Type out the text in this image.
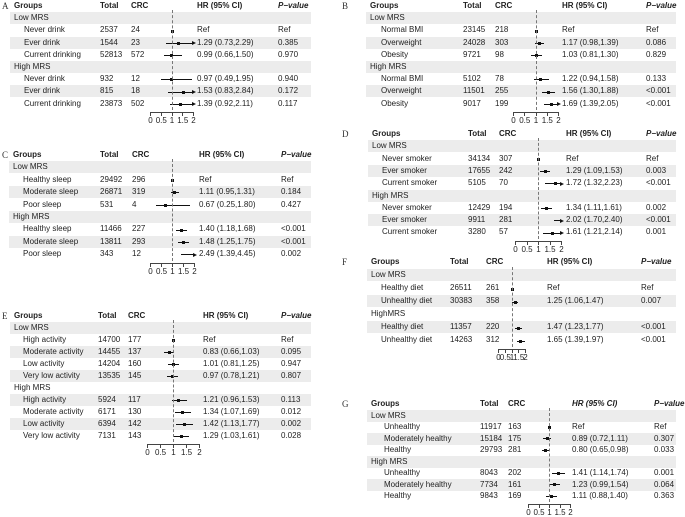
A Groups	Total CRC	HR (95% CI)	P−value
Low MRS
Never drink	2537 24	Ref	Ref
Ever drink	1544 23	1.29 (0.73,2.29)	0.385
Current drinking 52813 572	0.99 (0.66,1.50)	0.970
High MRS
Never drink	932 12	0.97 (0.49,1.95)	0.940
Ever drink	815 18	1.53 (0.83,2.84)	0.172
Current drinking 23873 502	1.39 (0.92,2.11)	0.117
0 0.5 1 1.5 2
B	Groups	Total CRC	HR (95% CI)	P−value
Low MRS
Normal BMI	23145 218	Ref	Ref
Overweight	24028 303	1.17 (0.98,1.39)	0.086
Obesity	9721 98	1.03 (0.81,1.30)	0.829
High MRS
Normal BMI	5102 78	1.22 (0.94,1.58)	0.133
Overweight	11501 255	1.56 (1.30,1.88)	<0.001
Obesity	9017 199	1.69 (1.39,2.05)	<0.001
0 0.5 1 1.5 2
C Groups	Total CRC	HR (95% CI)	P−value
Low MRS
Healthy sleep	29492 296	Ref	Ref
Moderate sleep	26871 319	1.11 (0.95,1.31)	0.184
Poor sleep	531 4	0.67 (0.25,1.80)	0.427
High MRS
Healthy sleep	11466 227	1.40 (1.18,1.68)	<0.001
Moderate sleep	13811 293	1.48 (1.25,1.75)	<0.001
Poor sleep	343 12	2.49 (1.39,4.45)	0.002
0 0.5 1 1.5 2
D	Groups	Total CRC	HR (95% CI)	P−value
Low MRS
Never smoker	34134 307	Ref	Ref
Ever smoker	17655 242	1.29 (1.09,1.53)	0.003
Current smoker	5105 70	1.72 (1.32,2.23)	<0.001
High MRS
Never smoker	12429 194	1.34 (1.11,1.61)	0.002
Ever smoker	9911 281	2.02 (1.70,2.40)	<0.001
Current smoker	3280 57	1.61 (1.21,2.14)	0.001
0 0.5 1 1.5 2
E Groups	Total CRC	HR (95% CI)	P−value
Low MRS
High activity	14700 177	Ref	Ref
Moderate activity 14455 137	0.83 (0.66,1.03)	0.095
Low activity	14204 160	1.01 (0.81,1.25)	0.947
Very low activity 13535 145	0.97 (0.78,1.21)	0.807
High MRS
High activity	5924 117	1.21 (0.96,1.53)	0.113
Moderate activity 6171 130	1.34 (1.07,1.69)	0.012
Low activity	6394 142	1.42 (1.13,1.77)	0.002
Very low activity 7131 143	1.29 (1.03,1.61)	0.028
0 0.5 1 1.5 2
F	Groups	Total CRC	HR (95% CI)	P−value
Low MRS
Healthy diet	26511 261	Ref	Ref
Unhealthy diet 30383 358	1.25 (1.06,1.47)	0.007
HighMRS
Healthy diet	11357 220	1.47 (1.23,1.77)	<0.001
Unhealthy diet 14263 312	1.65 (1.39,1.97)	<0.001
0
0.5
1
1.5
2
G	Groups	Total CRC	HR (95% CI)	P−value
Low MRS
Unhealthy	11917 163	Ref	Ref
Moderately healthy	15184 175	0.89 (0.72,1.11)	0.307
Healthy	29793 281	0.80 (0.65,0.98)	0.033
High MRS
Unhealthy	8043 202	1.41 (1.14,1.74)	0.001
Moderately healthy	7734 161	1.23 (0.99,1.54)	0.064
Healthy	9843 169	1.11 (0.88,1.40)	0.363
0 0.5 1 1.5 2
